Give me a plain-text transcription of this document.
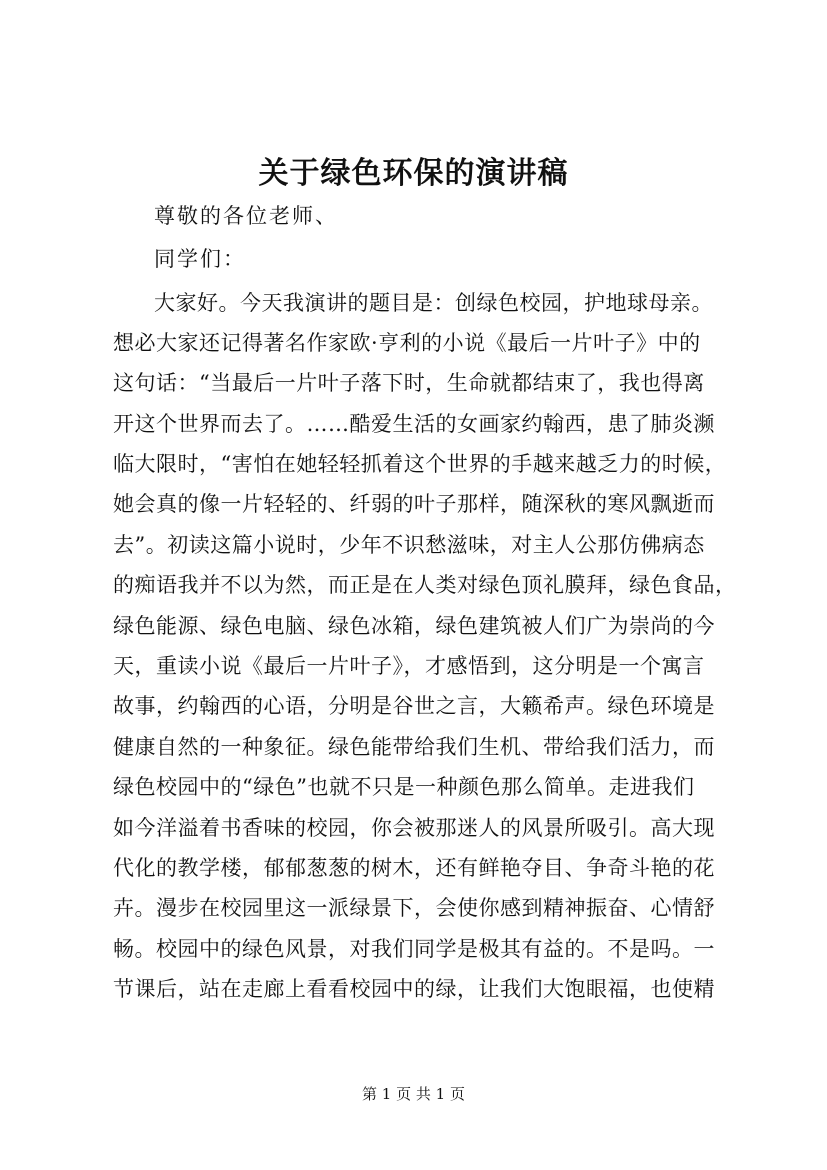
关于绿色环保的演讲稿
尊敬的各位老师、
同学们：
大家好。今天我演讲的题目是：创绿色校园，护地球母亲。
想必大家还记得著名作家欧·亨利的小说《最后一片叶子》中的
这句话：“当最后一片叶子落下时，生命就都结束了，我也得离
开这个世界而去了。……酷爱生活的女画家约翰西，患了肺炎濒
临大限时，“害怕在她轻轻抓着这个世界的手越来越乏力的时候，
她会真的像一片轻轻的、纤弱的叶子那样，随深秋的寒风飘逝而
去”。初读这篇小说时，少年不识愁滋味，对主人公那仿佛病态
的痴语我并不以为然，而正是在人类对绿色顶礼膜拜，绿色食品，
绿色能源、绿色电脑、绿色冰箱，绿色建筑被人们广为崇尚的今
天，重读小说《最后一片叶子》，才感悟到，这分明是一个寓言
故事，约翰西的心语，分明是谷世之言，大籁希声。绿色环境是
健康自然的一种象征。绿色能带给我们生机、带给我们活力，而
绿色校园中的“绿色”也就不只是一种颜色那么简单。走进我们
如今洋溢着书香味的校园，你会被那迷人的风景所吸引。高大现
代化的教学楼，郁郁葱葱的树木，还有鲜艳夺目、争奇斗艳的花
卉。漫步在校园里这一派绿景下，会使你感到精神振奋、心情舒
畅。校园中的绿色风景，对我们同学是极其有益的。不是吗。一
节课后，站在走廊上看看校园中的绿，让我们大饱眼福，也使精
第 1 页 共 1 页
